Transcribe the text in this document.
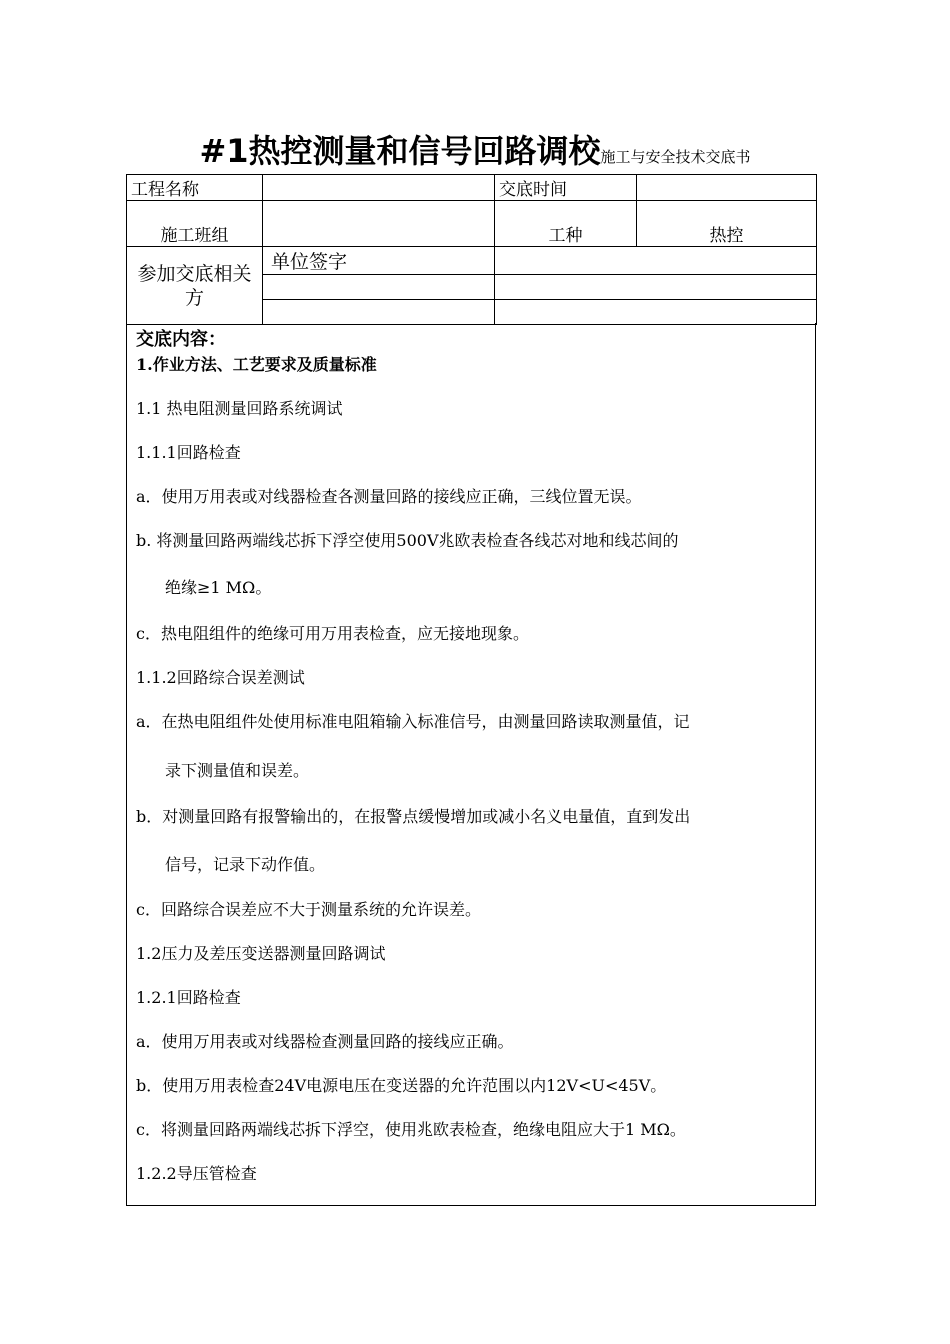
#1热控测量和信号回路调校施工与安全技术交底书
工程名称		交底时间	
施工班组		工种	热控
参加交底相关方	单位签字		

交底内容：
1.作业方法、工艺要求及质量标准
1.1 热电阻测量回路系统调试
1.1.1回路检查
a．使用万用表或对线器检查各测量回路的接线应正确，三线位置无误。
b. 将测量回路两端线芯拆下浮空使用500V兆欧表检查各线芯对地和线芯间的
绝缘≥1 MΩ。
c．热电阻组件的绝缘可用万用表检查，应无接地现象。
1.1.2回路综合误差测试
a．在热电阻组件处使用标准电阻箱输入标准信号，由测量回路读取测量值，记
录下测量值和误差。
b．对测量回路有报警输出的，在报警点缓慢增加或减小名义电量值，直到发出
信号，记录下动作值。
c．回路综合误差应不大于测量系统的允许误差。
1.2压力及差压变送器测量回路调试
1.2.1回路检查
a．使用万用表或对线器检查测量回路的接线应正确。
b．使用万用表检查24V电源电压在变送器的允许范围以内12V<U<45V。
c．将测量回路两端线芯拆下浮空，使用兆欧表检查，绝缘电阻应大于1 MΩ。
1.2.2导压管检查
